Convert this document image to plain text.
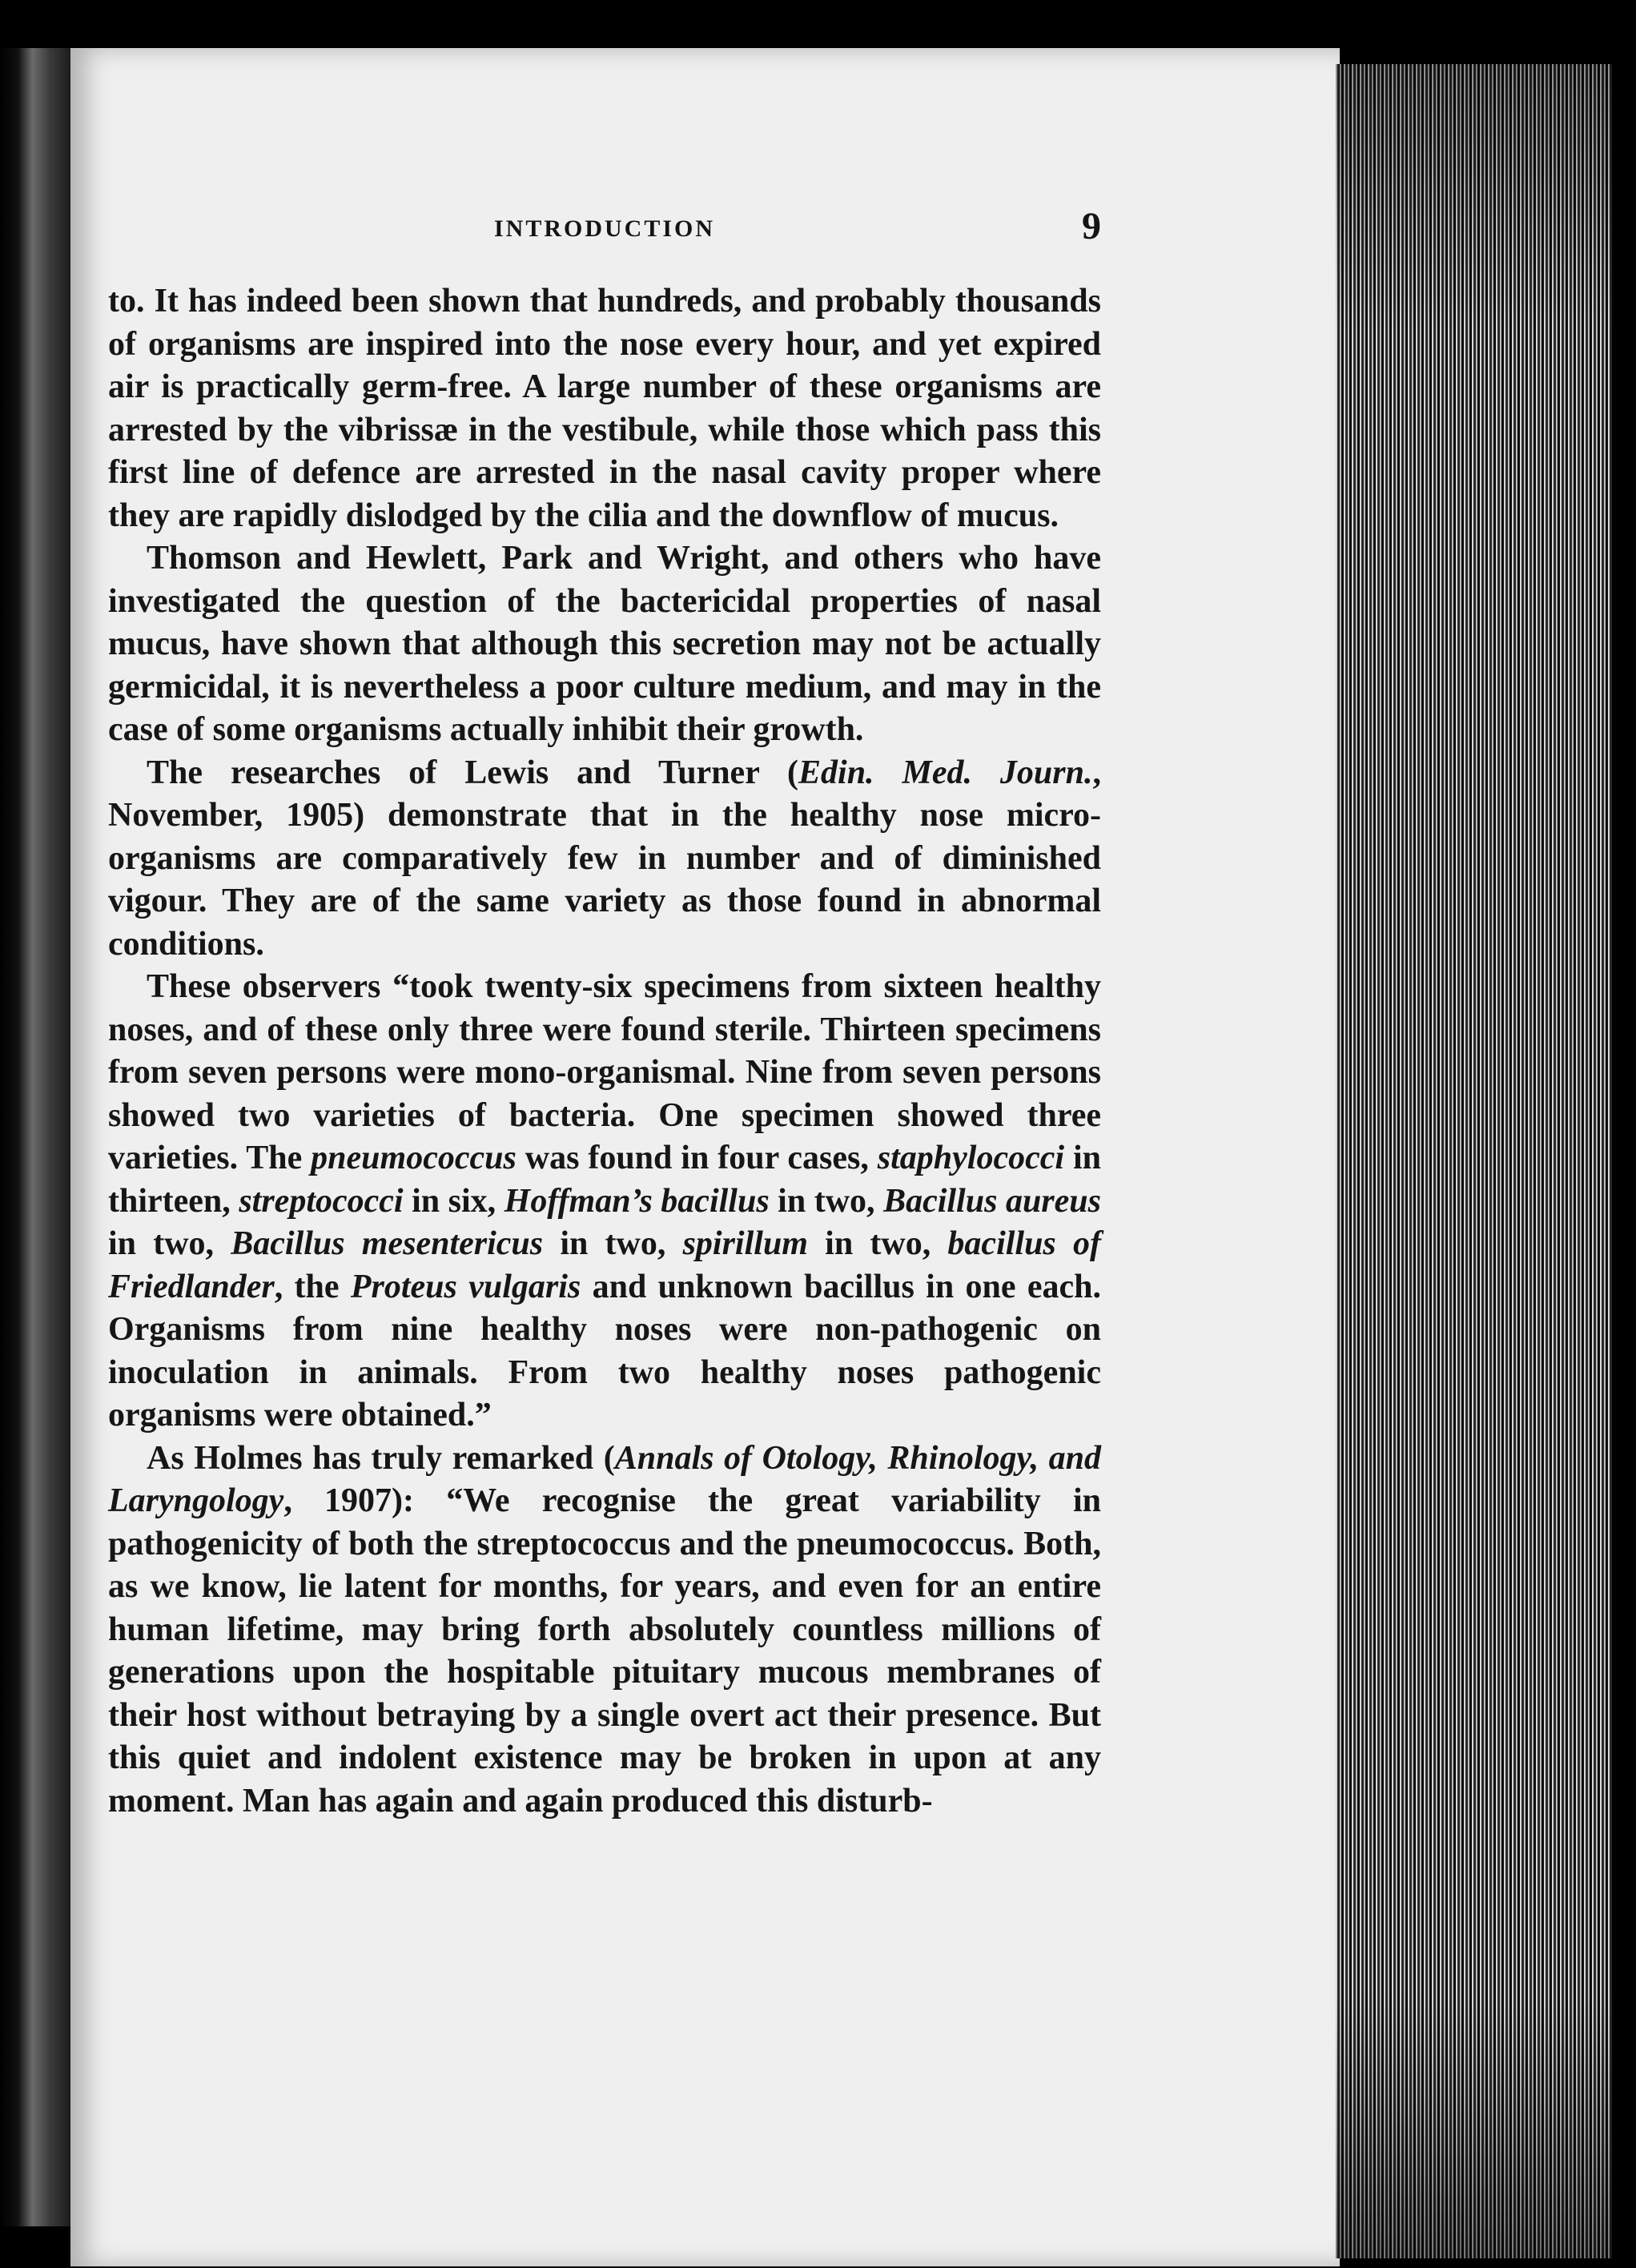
INTRODUCTION	9

to. It has indeed been shown that hundreds, and probably thousands of organisms are inspired into the nose every hour, and yet expired air is practically germ-free. A large number of these organisms are arrested by the vibrissæ in the vestibule, while those which pass this first line of defence are arrested in the nasal cavity proper where they are rapidly dislodged by the cilia and the downflow of mucus.

Thomson and Hewlett, Park and Wright, and others who have investigated the question of the bactericidal properties of nasal mucus, have shown that although this secretion may not be actually germicidal, it is nevertheless a poor culture medium, and may in the case of some organisms actually inhibit their growth.

The researches of Lewis and Turner (Edin. Med. Journ., November, 1905) demonstrate that in the healthy nose micro-organisms are comparatively few in number and of diminished vigour. They are of the same variety as those found in abnormal conditions.

These observers “took twenty-six specimens from sixteen healthy noses, and of these only three were found sterile. Thirteen specimens from seven persons were mono-organismal. Nine from seven persons showed two varieties of bacteria. One specimen showed three varieties. The pneumococcus was found in four cases, staphylococci in thirteen, streptococci in six, Hoffman’s bacillus in two, Bacillus aureus in two, Bacillus mesentericus in two, spirillum in two, bacillus of Friedlander, the Proteus vulgaris and unknown bacillus in one each. Organisms from nine healthy noses were non-pathogenic on inoculation in animals. From two healthy noses pathogenic organisms were obtained.”

As Holmes has truly remarked (Annals of Otology, Rhinology, and Laryngology, 1907): “We recognise the great variability in pathogenicity of both the streptococcus and the pneumococcus. Both, as we know, lie latent for months, for years, and even for an entire human lifetime, may bring forth absolutely countless millions of generations upon the hospitable pituitary mucous membranes of their host without betraying by a single overt act their presence. But this quiet and indolent existence may be broken in upon at any moment. Man has again and again produced this disturb-
